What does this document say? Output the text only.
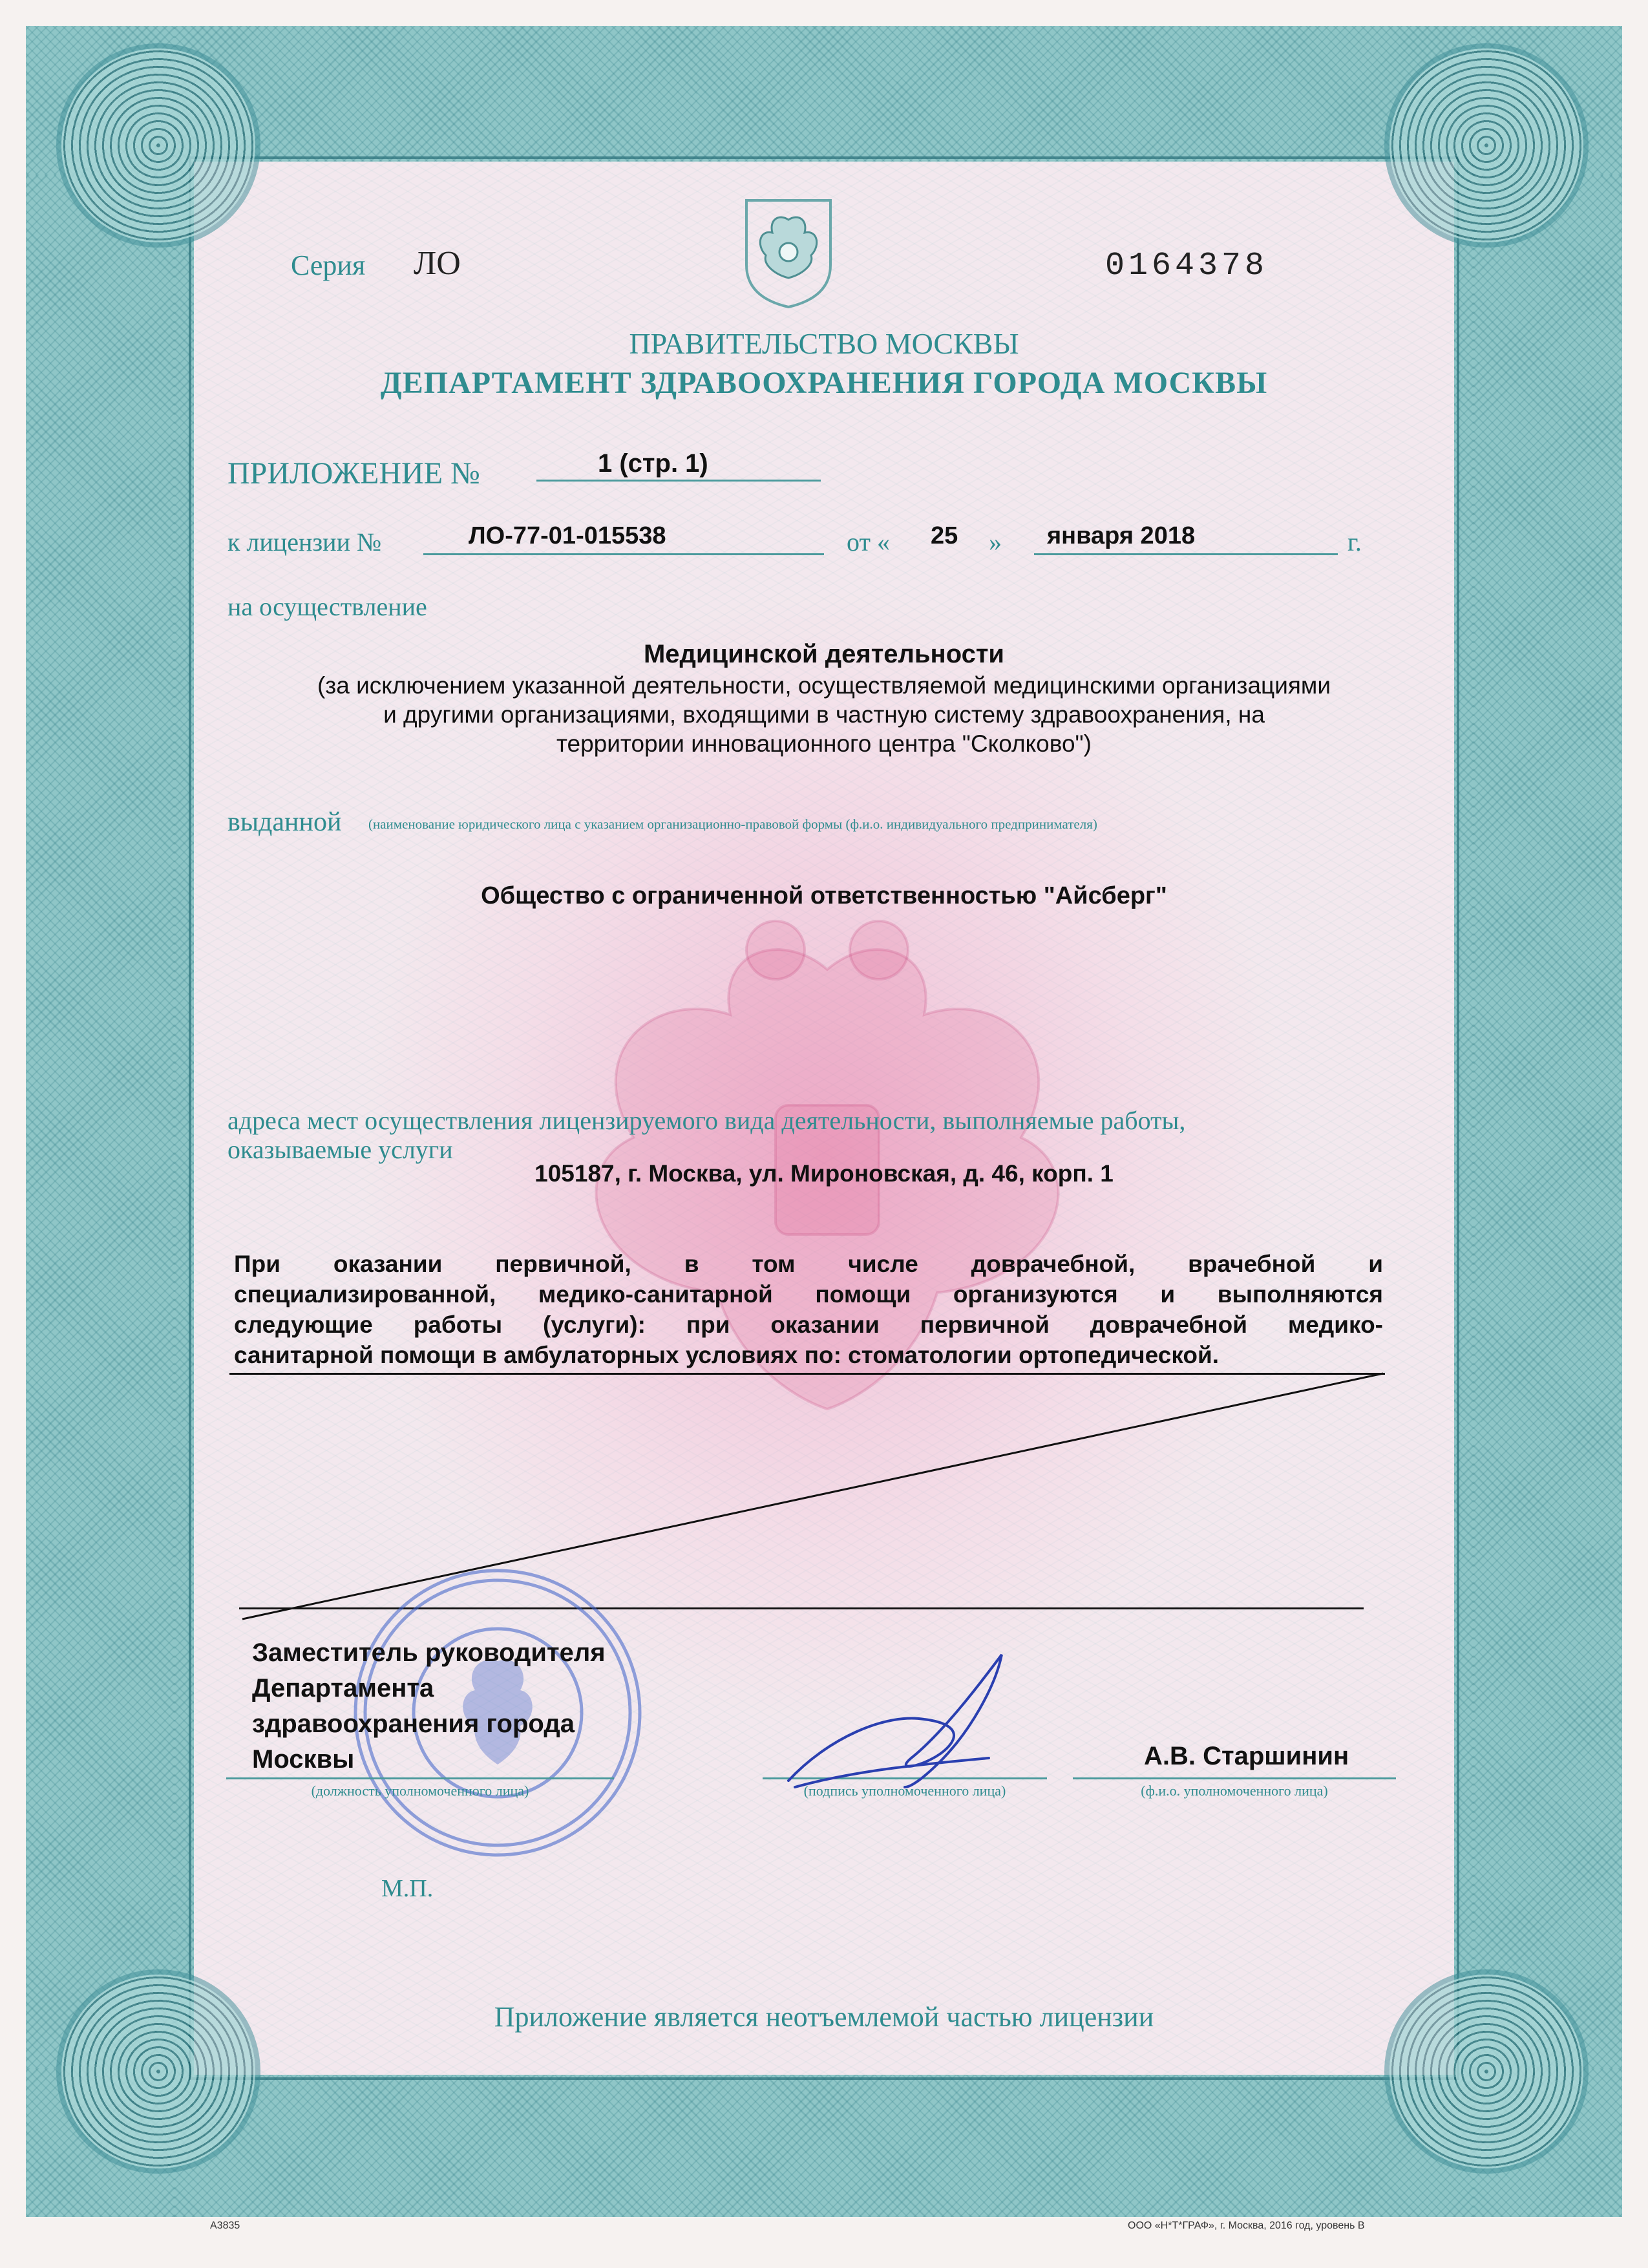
Серия ЛО	0164378
ПРАВИТЕЛЬСТВО МОСКВЫ
ДЕПАРТАМЕНТ ЗДРАВООХРАНЕНИЯ ГОРОДА МОСКВЫ
ПРИЛОЖЕНИЕ №	1 (стр. 1)
к лицензии №	ЛО-77-01-015538	от « 25 » января 2018	г.
на осуществление
Медицинской деятельности
(за исключением указанной деятельности, осуществляемой медицинскими организациями
и другими организациями, входящими в частную систему здравоохранения, на
территории инновационного центра "Сколково")
выданной (наименование юридического лица с указанием организационно-правовой формы (ф.и.о. индивидуального предпринимателя)
Общество с ограниченной ответственностью "Айсберг"
адреса мест осуществления лицензируемого вида деятельности, выполняемые работы,
оказываемые услуги
105187, г. Москва, ул. Мироновская, д. 46, корп. 1
При оказании первичной, в том числе доврачебной, врачебной и
специализированной, медико-санитарной помощи организуются и выполняются
следующие работы (услуги): при оказании первичной доврачебной медико-
санитарной помощи в амбулаторных условиях по: стоматологии ортопедической.
Заместитель руководителя
Департамента
здравоохранения города
Москвы	А.В. Старшинин
(должность уполномоченного лица)	(подпись уполномоченного лица)	(ф.и.о. уполномоченного лица)
М.П.
Приложение является неотъемлемой частью лицензии
А3835	ООО «Н*Т*ГРАФ», г. Москва, 2016 год, уровень В
